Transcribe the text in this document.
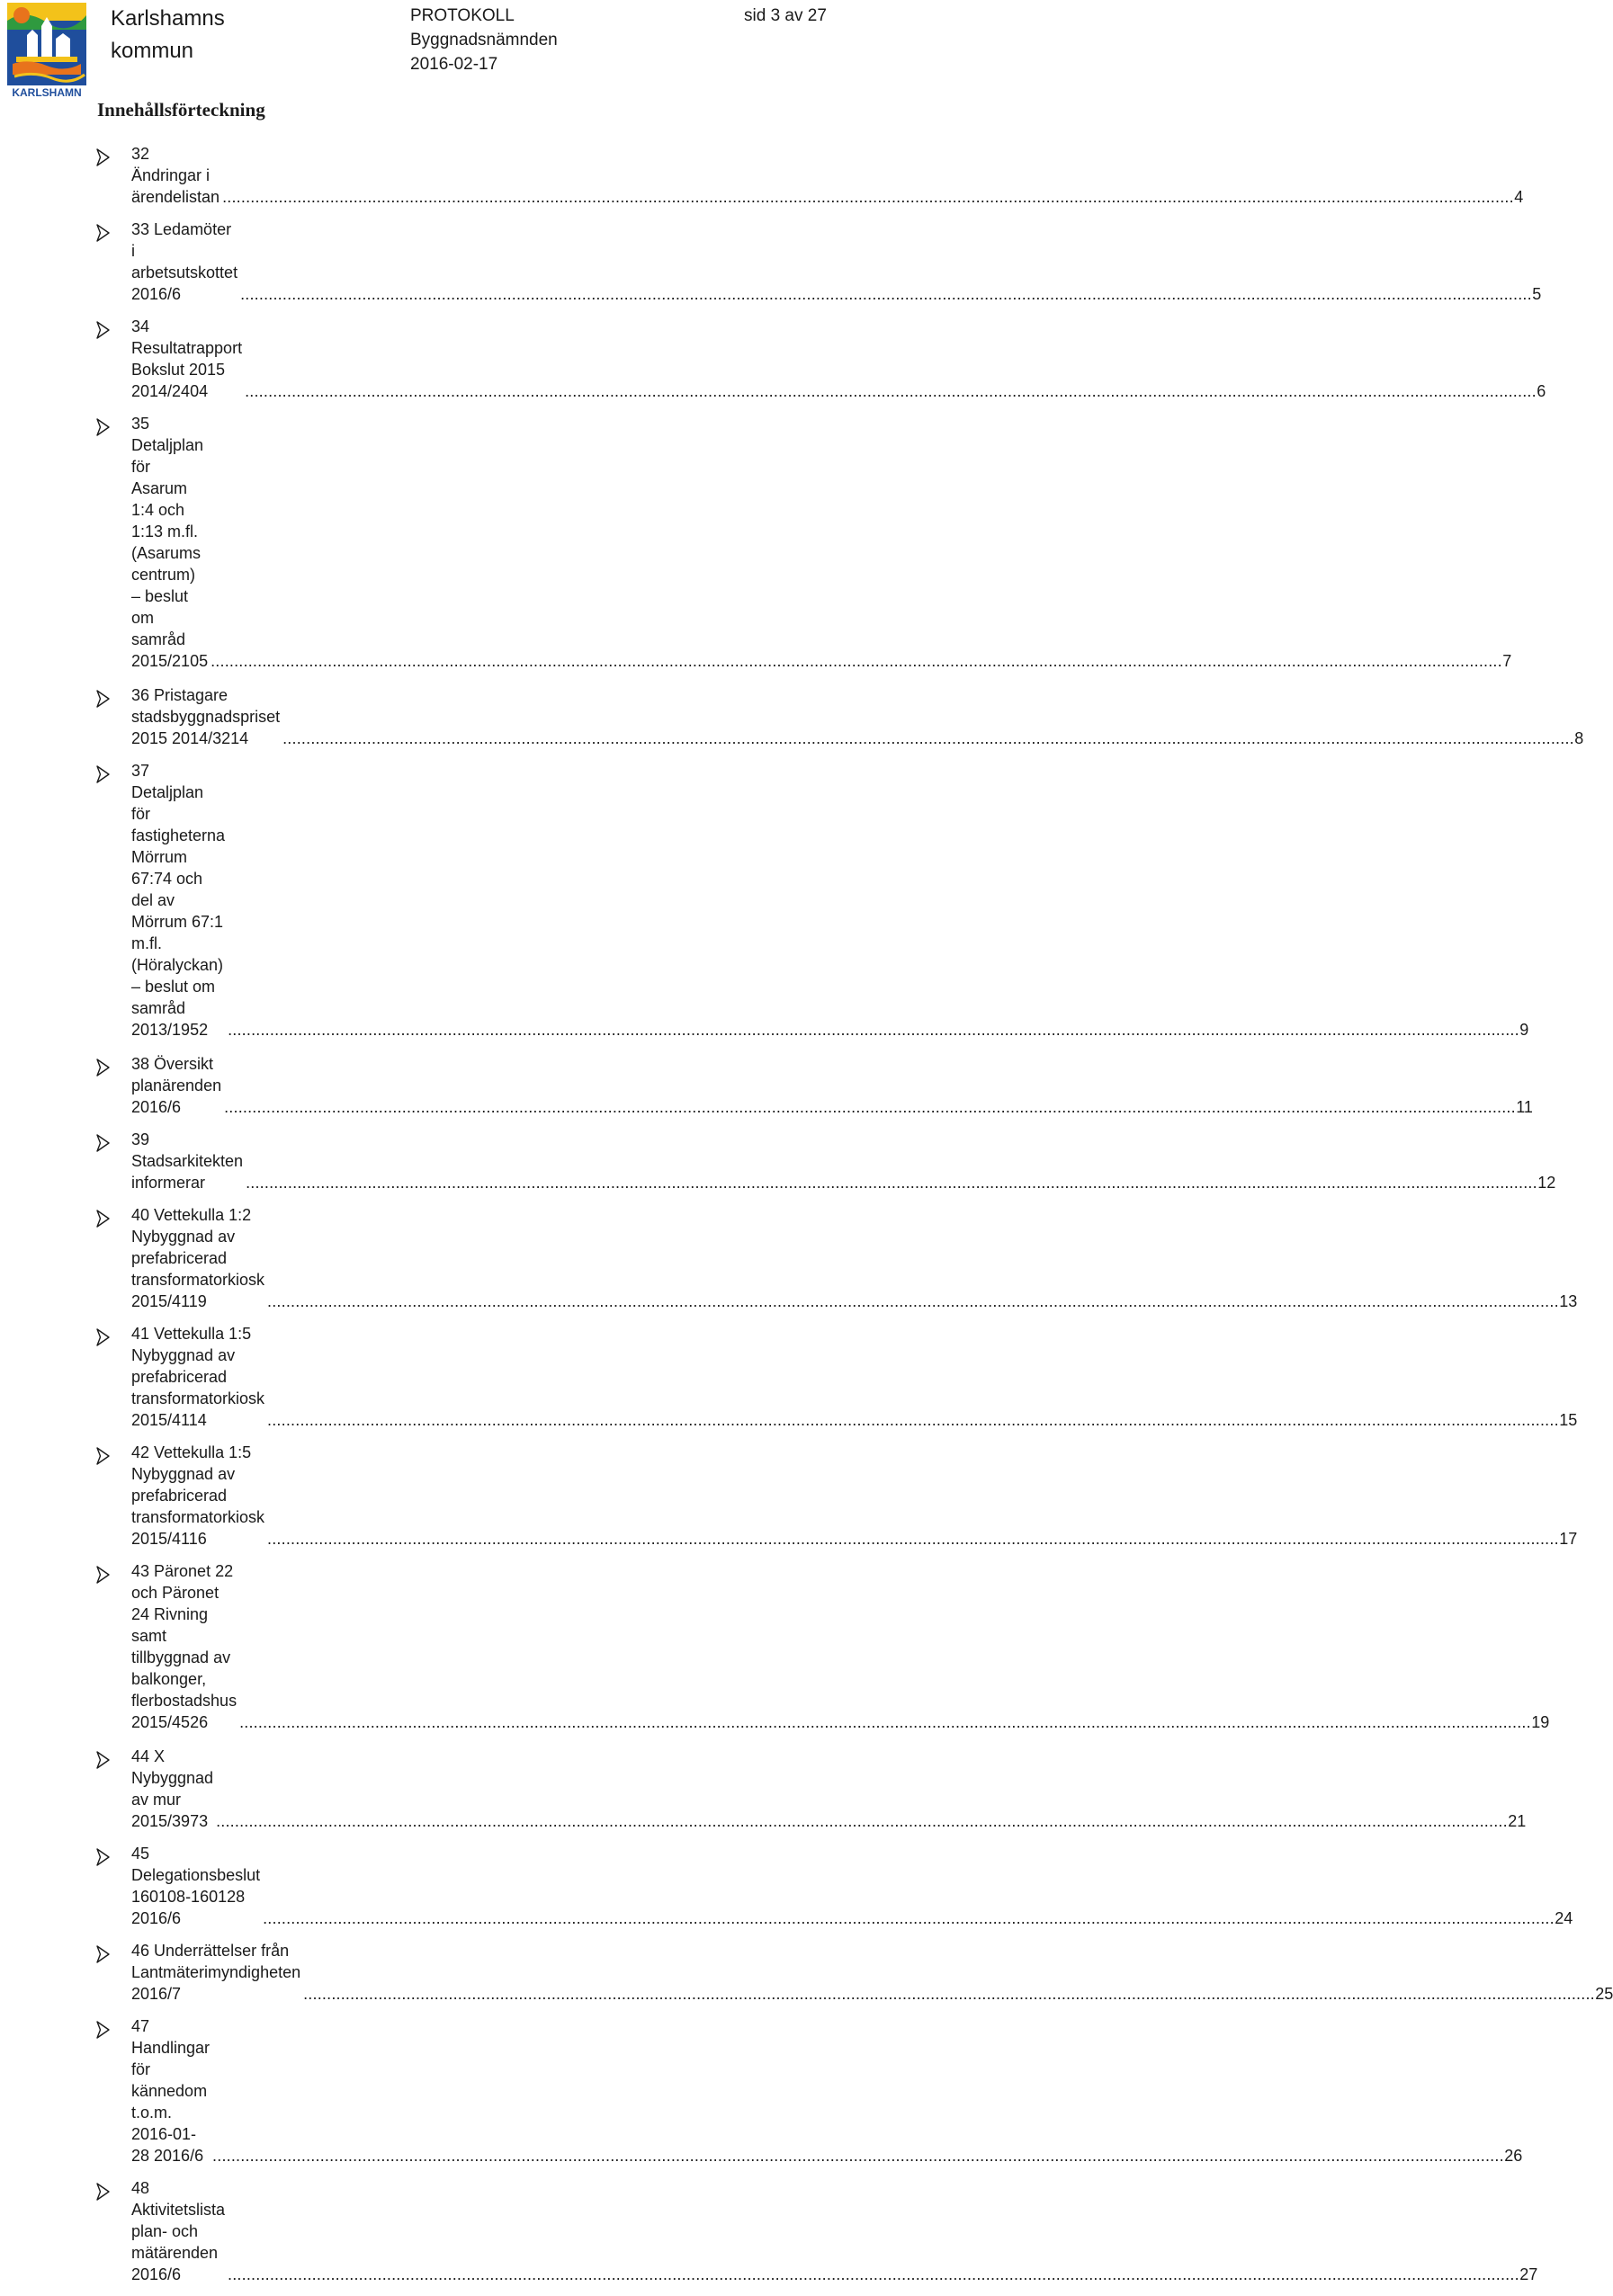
KARLSHAMN
Karlshamns
kommun
PROTOKOLL
Byggnadsnämnden
2016-02-17
sid 3 av 27
Innehållsförteckning
32 Ändringar i ärendelistan . . .	4
33 Ledamöter i arbetsutskottet 2016/6 . . .	5
34 Resultatrapport Bokslut 2015 2014/2404 . . .	6
35 Detaljplan för Asarum 1:4 och 1:13 m.fl. (Asarums centrum) – beslut om samråd 2015/2105 . . .	7
36 Pristagare stadsbyggnadspriset 2015 2014/3214 . . .	8
37 Detaljplan för fastigheterna Mörrum 67:74 och del av Mörrum 67:1 m.fl. (Höralyckan) – beslut om samråd 2013/1952 . . .	9
38 Översikt planärenden 2016/6 . . .	11
39 Stadsarkitekten informerar . . .	12
40 Vettekulla 1:2 Nybyggnad av prefabricerad transformatorkiosk 2015/4119 . . .	13
41 Vettekulla 1:5 Nybyggnad av prefabricerad transformatorkiosk 2015/4114 . . .	15
42 Vettekulla 1:5 Nybyggnad av prefabricerad transformatorkiosk 2015/4116 . . .	17
43 Päronet 22 och Päronet 24 Rivning samt tillbyggnad av balkonger, flerbostadshus 2015/4526 . . .	19
44 X Nybyggnad av mur 2015/3973 . . .	21
45 Delegationsbeslut 160108-160128 2016/6 . . .	24
46 Underrättelser från Lantmäterimyndigheten 2016/7 . . .	25
47 Handlingar för kännedom t.o.m. 2016-01-28 2016/6 . . .	26
48 Aktivitetslista plan- och mätärenden 2016/6 . . .	27
